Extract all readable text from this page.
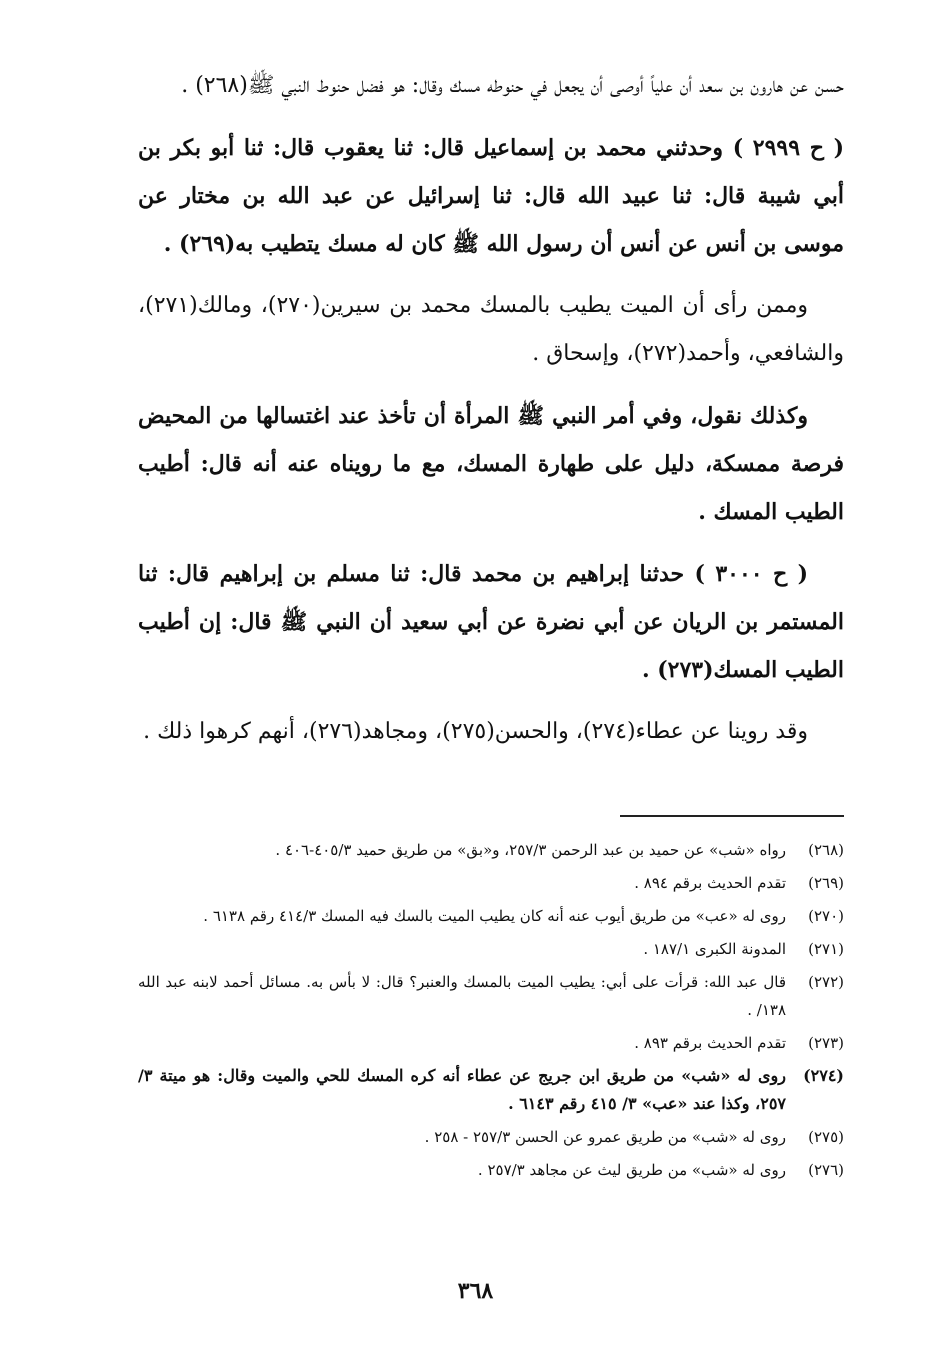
حسن عن هارون بن سعد أن علياً أوصى أن يجعل في حنوطه مسك وقال: هو فضل حنوط النبي ﷺ(٢٦٨) .

( ح ٢٩٩٩ ) وحدثني محمد بن إسماعيل قال: ثنا يعقوب قال: ثنا أبو بكر بن أبي شيبة قال: ثنا عبيد الله قال: ثنا إسرائيل عن عبد الله بن مختار عن موسى بن أنس عن أنس أن رسول الله ﷺ كان له مسك يتطيب به(٢٦٩) .

وممن رأى أن الميت يطيب بالمسك محمد بن سيرين(٢٧٠)، ومالك(٢٧١)، والشافعي، وأحمد(٢٧٢)، وإسحاق .

وكذلك نقول، وفي أمر النبي ﷺ المرأة أن تأخذ عند اغتسالها من المحيض فرصة ممسكة، دليل على طهارة المسك، مع ما رويناه عنه أنه قال: أطيب الطيب المسك .

( ح ٣٠٠٠ ) حدثنا إبراهيم بن محمد قال: ثنا مسلم بن إبراهيم قال: ثنا المستمر بن الريان عن أبي نضرة عن أبي سعيد أن النبي ﷺ قال: إن أطيب الطيب المسك(٢٧٣) .

وقد روينا عن عطاء(٢٧٤)، والحسن(٢٧٥)، ومجاهد(٢٧٦)، أنهم كرهوا ذلك .

(٢٦٨)
رواه «شب» عن حميد بن عبد الرحمن ٢٥٧/٣، و«بق» من طريق حميد ٤٠٥/٣-٤٠٦ .
(٢٦٩)
تقدم الحديث برقم ٨٩٤ .
(٢٧٠)
روى له «عب» من طريق أيوب عنه أنه كان يطيب الميت بالسك فيه المسك ٤١٤/٣ رقم ٦١٣٨ .
(٢٧١)
المدونة الكبرى ١٨٧/١ .
(٢٧٢)
قال عبد الله: قرأت على أبي: يطيب الميت بالمسك والعنبر؟ قال: لا بأس به. مسائل أحمد لابنه عبد الله ١٣٨/ .
(٢٧٣)
تقدم الحديث برقم ٨٩٣ .
(٢٧٤)
روى له «شب» من طريق ابن جريج عن عطاء أنه كره المسك للحي والميت وقال: هو ميتة ٣/ ٢٥٧، وكذا عند «عب» ٣/ ٤١٥ رقم ٦١٤٣ .
(٢٧٥)
روى له «شب» من طريق عمرو عن الحسن ٢٥٧/٣ - ٢٥٨ .
(٢٧٦)
روى له «شب» من طريق ليث عن مجاهد ٢٥٧/٣ .
٣٦٨
